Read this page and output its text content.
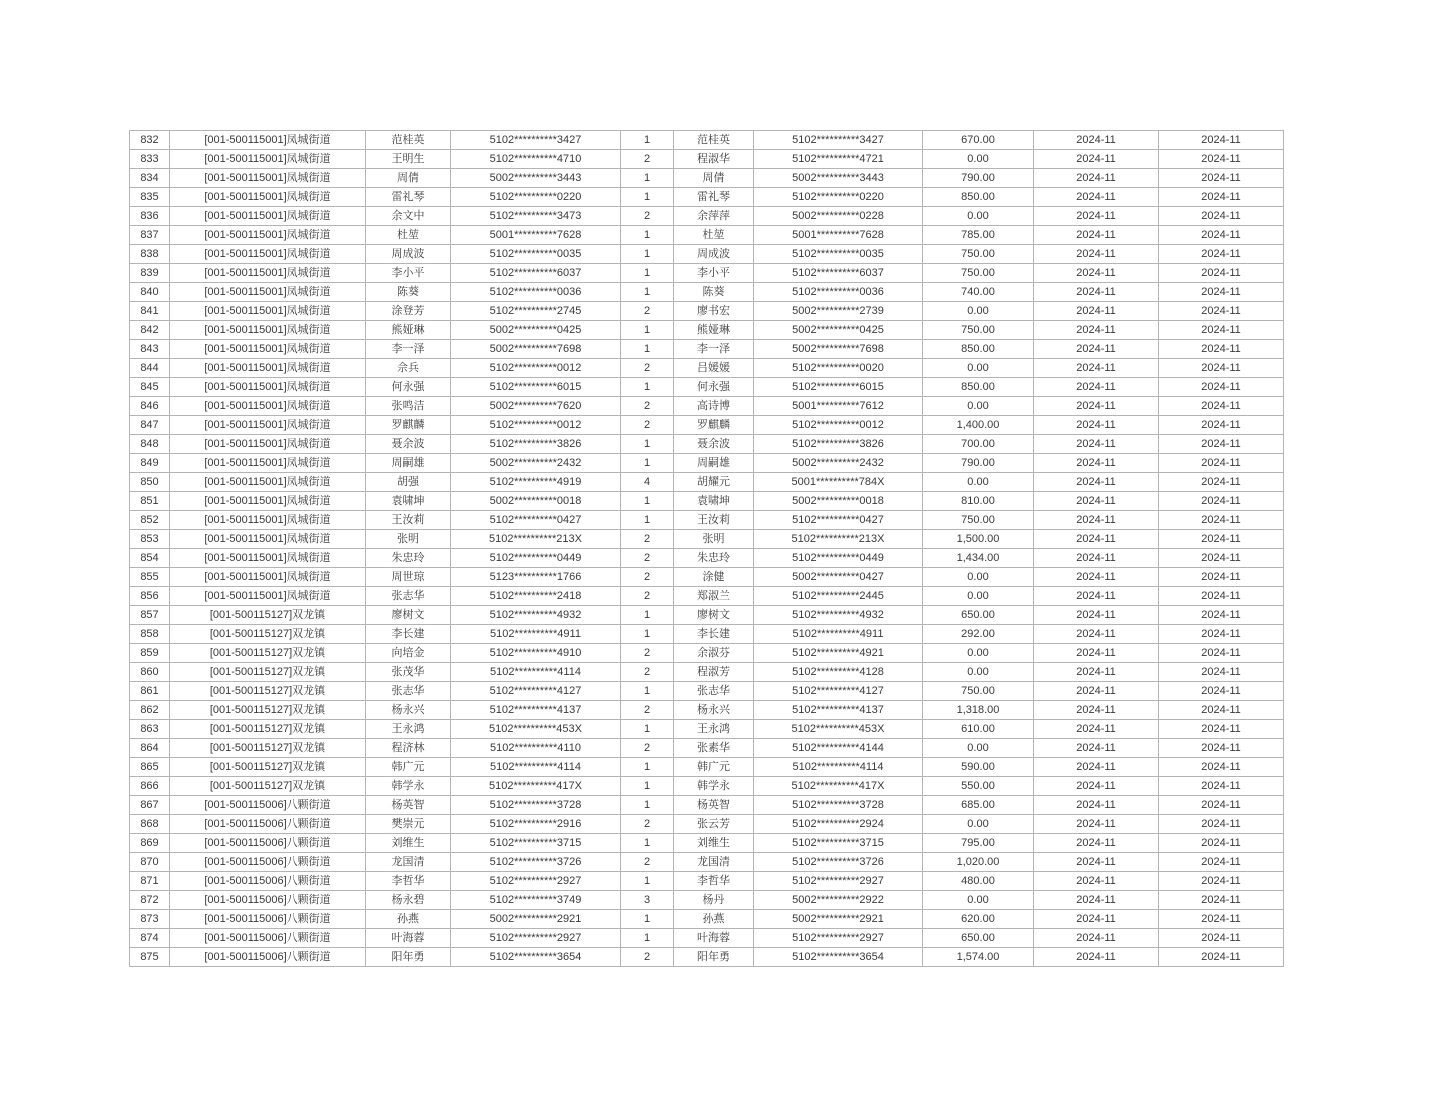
832	[001-500115001]凤城街道	范桂英	5102**********3427	1	范桂英	5102**********3427	670.00	2024-11	2024-11
833	[001-500115001]凤城街道	王明生	5102**********4710	2	程淑华	5102**********4721	0.00	2024-11	2024-11
834	[001-500115001]凤城街道	周倩	5002**********3443	1	周倩	5002**********3443	790.00	2024-11	2024-11
835	[001-500115001]凤城街道	雷礼琴	5102**********0220	1	雷礼琴	5102**********0220	850.00	2024-11	2024-11
836	[001-500115001]凤城街道	余文中	5102**********3473	2	余萍萍	5002**********0228	0.00	2024-11	2024-11
837	[001-500115001]凤城街道	杜堃	5001**********7628	1	杜堃	5001**********7628	785.00	2024-11	2024-11
838	[001-500115001]凤城街道	周成波	5102**********0035	1	周成波	5102**********0035	750.00	2024-11	2024-11
839	[001-500115001]凤城街道	李小平	5102**********6037	1	李小平	5102**********6037	750.00	2024-11	2024-11
840	[001-500115001]凤城街道	陈葵	5102**********0036	1	陈葵	5102**********0036	740.00	2024-11	2024-11
841	[001-500115001]凤城街道	涂登芳	5102**********2745	2	廖书宏	5002**********2739	0.00	2024-11	2024-11
842	[001-500115001]凤城街道	熊娅琳	5002**********0425	1	熊娅琳	5002**********0425	750.00	2024-11	2024-11
843	[001-500115001]凤城街道	李一泽	5002**********7698	1	李一泽	5002**********7698	850.00	2024-11	2024-11
844	[001-500115001]凤城街道	佘兵	5102**********0012	2	吕媛媛	5102**********0020	0.00	2024-11	2024-11
845	[001-500115001]凤城街道	何永强	5102**********6015	1	何永强	5102**********6015	850.00	2024-11	2024-11
846	[001-500115001]凤城街道	张鸣洁	5002**********7620	2	高诗博	5001**********7612	0.00	2024-11	2024-11
847	[001-500115001]凤城街道	罗麒麟	5102**********0012	2	罗麒麟	5102**********0012	1,400.00	2024-11	2024-11
848	[001-500115001]凤城街道	聂余波	5102**********3826	1	聂余波	5102**********3826	700.00	2024-11	2024-11
849	[001-500115001]凤城街道	周嗣雄	5002**********2432	1	周嗣雄	5002**********2432	790.00	2024-11	2024-11
850	[001-500115001]凤城街道	胡强	5102**********4919	4	胡耀元	5001**********784X	0.00	2024-11	2024-11
851	[001-500115001]凤城街道	袁啸坤	5002**********0018	1	袁啸坤	5002**********0018	810.00	2024-11	2024-11
852	[001-500115001]凤城街道	王汝莉	5102**********0427	1	王汝莉	5102**********0427	750.00	2024-11	2024-11
853	[001-500115001]凤城街道	张明	5102**********213X	2	张明	5102**********213X	1,500.00	2024-11	2024-11
854	[001-500115001]凤城街道	朱忠玲	5102**********0449	2	朱忠玲	5102**********0449	1,434.00	2024-11	2024-11
855	[001-500115001]凤城街道	周世琼	5123**********1766	2	涂健	5002**********0427	0.00	2024-11	2024-11
856	[001-500115001]凤城街道	张志华	5102**********2418	2	郑淑兰	5102**********2445	0.00	2024-11	2024-11
857	[001-500115127]双龙镇	廖树文	5102**********4932	1	廖树文	5102**********4932	650.00	2024-11	2024-11
858	[001-500115127]双龙镇	李长建	5102**********4911	1	李长建	5102**********4911	292.00	2024-11	2024-11
859	[001-500115127]双龙镇	向培金	5102**********4910	2	余淑芬	5102**********4921	0.00	2024-11	2024-11
860	[001-500115127]双龙镇	张茂华	5102**********4114	2	程淑芳	5102**********4128	0.00	2024-11	2024-11
861	[001-500115127]双龙镇	张志华	5102**********4127	1	张志华	5102**********4127	750.00	2024-11	2024-11
862	[001-500115127]双龙镇	杨永兴	5102**********4137	2	杨永兴	5102**********4137	1,318.00	2024-11	2024-11
863	[001-500115127]双龙镇	王永鸿	5102**********453X	1	王永鸿	5102**********453X	610.00	2024-11	2024-11
864	[001-500115127]双龙镇	程济林	5102**********4110	2	张素华	5102**********4144	0.00	2024-11	2024-11
865	[001-500115127]双龙镇	韩广元	5102**********4114	1	韩广元	5102**********4114	590.00	2024-11	2024-11
866	[001-500115127]双龙镇	韩学永	5102**********417X	1	韩学永	5102**********417X	550.00	2024-11	2024-11
867	[001-500115006]八颗街道	杨英智	5102**********3728	1	杨英智	5102**********3728	685.00	2024-11	2024-11
868	[001-500115006]八颗街道	樊崇元	5102**********2916	2	张云芳	5102**********2924	0.00	2024-11	2024-11
869	[001-500115006]八颗街道	刘维生	5102**********3715	1	刘维生	5102**********3715	795.00	2024-11	2024-11
870	[001-500115006]八颗街道	龙国清	5102**********3726	2	龙国清	5102**********3726	1,020.00	2024-11	2024-11
871	[001-500115006]八颗街道	李哲华	5102**********2927	1	李哲华	5102**********2927	480.00	2024-11	2024-11
872	[001-500115006]八颗街道	杨永碧	5102**********3749	3	杨丹	5002**********2922	0.00	2024-11	2024-11
873	[001-500115006]八颗街道	孙燕	5002**********2921	1	孙燕	5002**********2921	620.00	2024-11	2024-11
874	[001-500115006]八颗街道	叶海蓉	5102**********2927	1	叶海蓉	5102**********2927	650.00	2024-11	2024-11
875	[001-500115006]八颗街道	阳年勇	5102**********3654	2	阳年勇	5102**********3654	1,574.00	2024-11	2024-11
